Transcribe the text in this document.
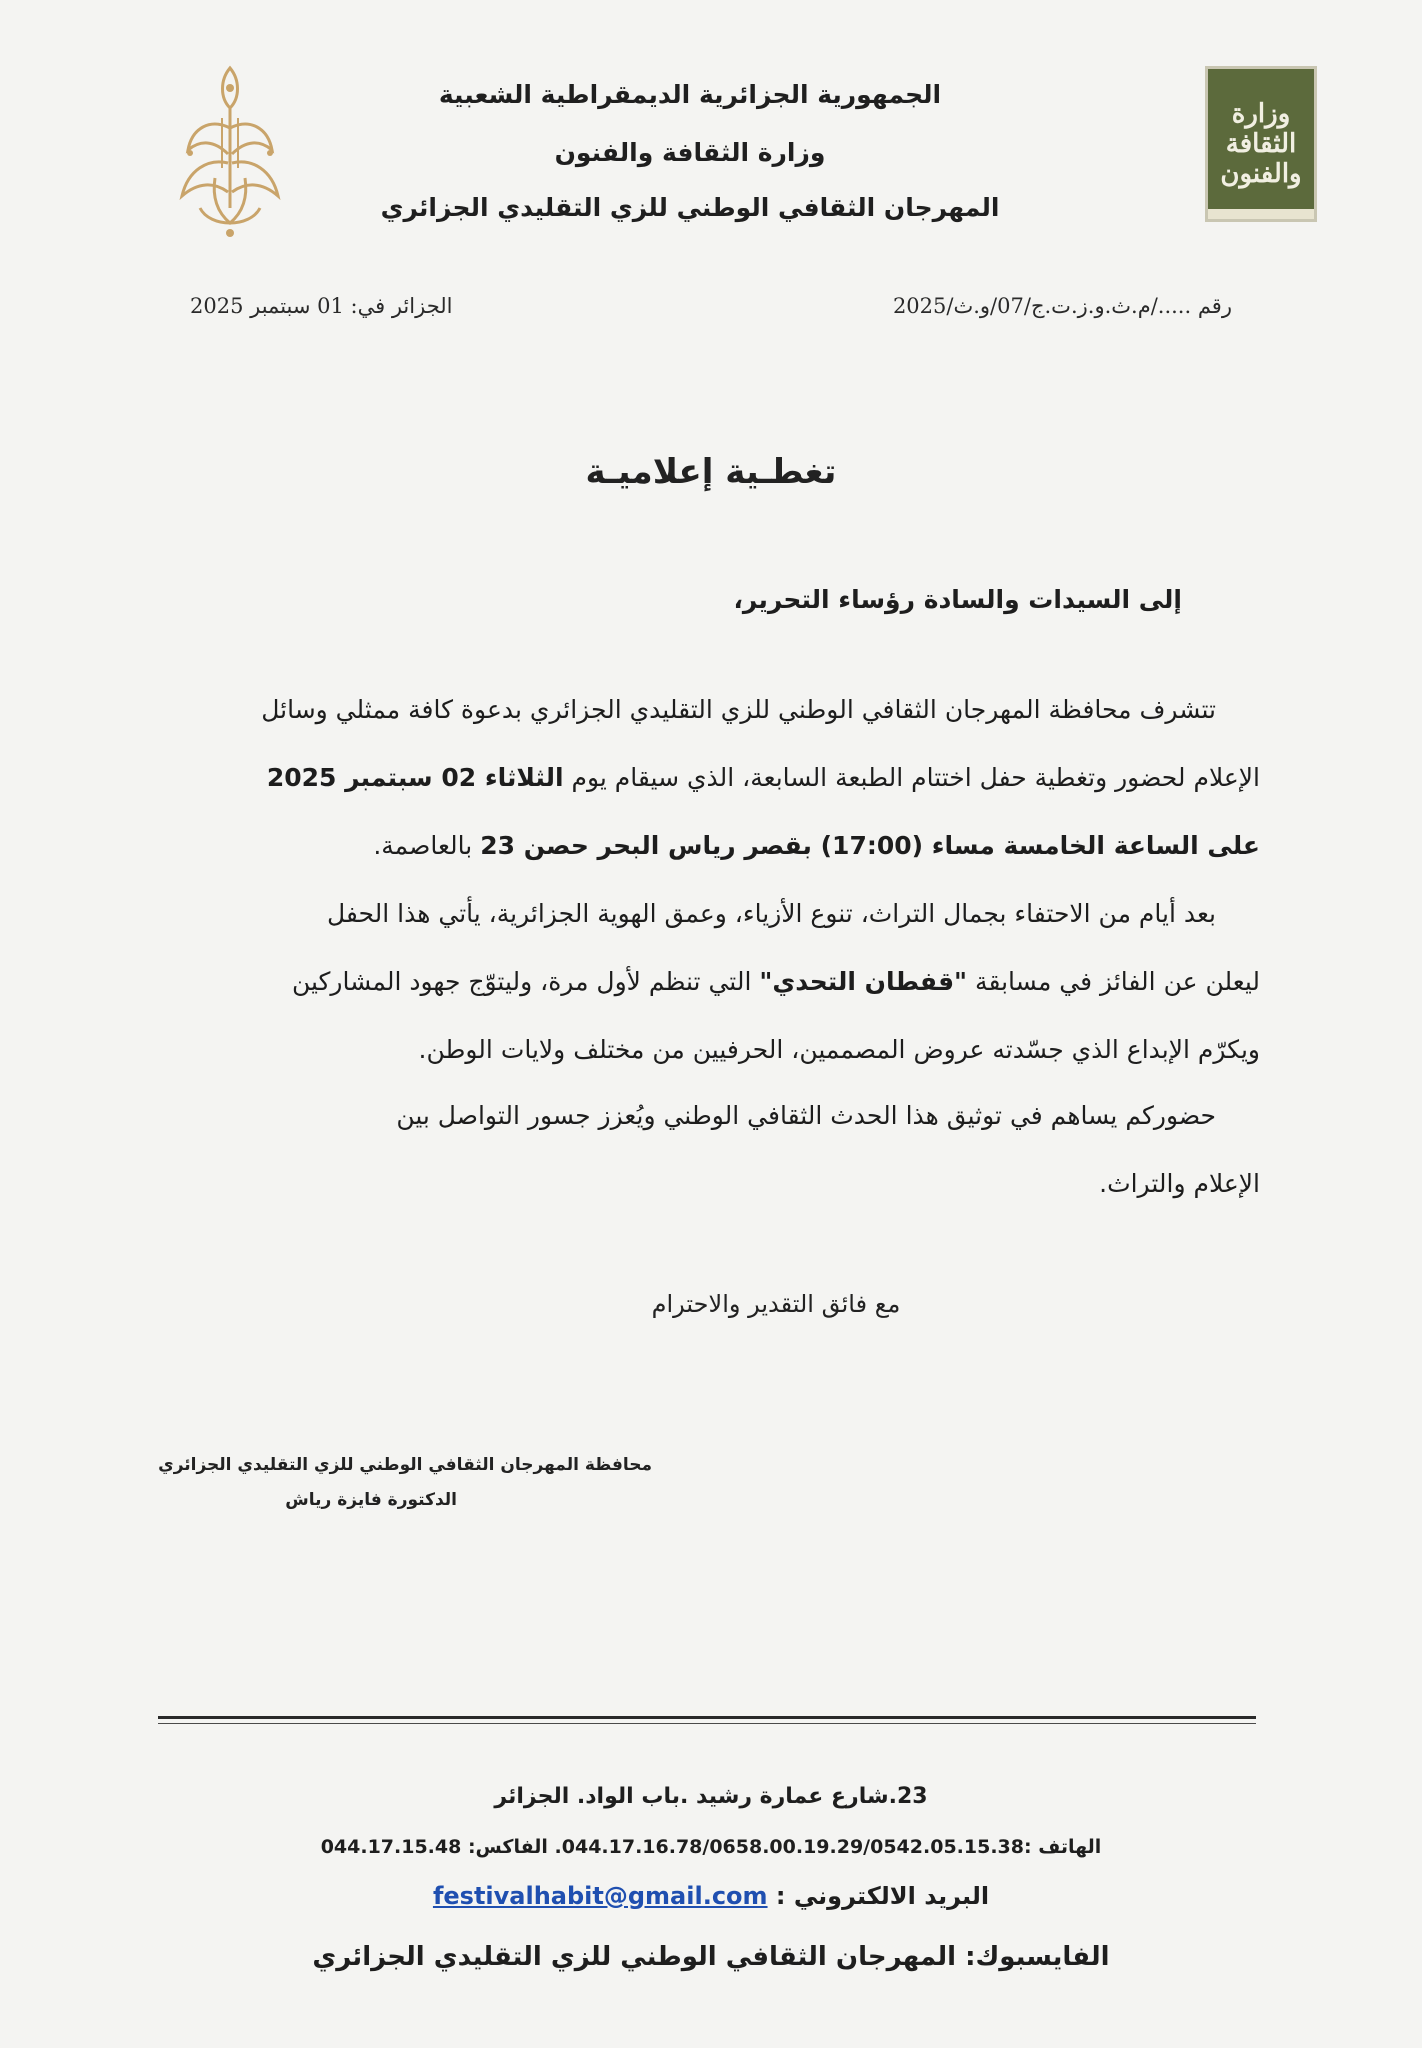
وزارة الثقافة والفنون
الجمهورية الجزائرية الديمقراطية الشعبية
وزارة الثقافة والفنون
المهرجان الثقافي الوطني للزي التقليدي الجزائري
رقم ...../م.ث.و.ز.ت.ج/07/و.ث/2025
الجزائر في: 01 سبتمبر 2025
تغطـية إعلاميـة
إلى السيدات والسادة رؤساء التحرير،
تتشرف محافظة المهرجان الثقافي الوطني للزي التقليدي الجزائري بدعوة كافة ممثلي وسائل
الإعلام لحضور وتغطية حفل اختتام الطبعة السابعة، الذي سيقام يوم الثلاثاء 02 سبتمبر 2025
على الساعة الخامسة مساء (17:00) بقصر رياس البحر حصن 23 بالعاصمة.
بعد أيام من الاحتفاء بجمال التراث، تنوع الأزياء، وعمق الهوية الجزائرية، يأتي هذا الحفل
ليعلن عن الفائز في مسابقة "قفطان التحدي" التي تنظم لأول مرة، وليتوّج جهود المشاركين
ويكرّم الإبداع الذي جسّدته عروض المصممين، الحرفيين من مختلف ولايات الوطن.
حضوركم يساهم في توثيق هذا الحدث الثقافي الوطني ويُعزز جسور التواصل بين
الإعلام والتراث.
مع فائق التقدير والاحترام
محافظة المهرجان الثقافي الوطني للزي التقليدي الجزائري
الدكتورة فايزة رياش
23.شارع عمارة رشيد .باب الواد. الجزائر
الهاتف :044.17.16.78/0658.00.19.29/0542.05.15.38. الفاكس: 044.17.15.48
البريد الالكتروني : festivalhabit@gmail.com
الفايسبوك: المهرجان الثقافي الوطني للزي التقليدي الجزائري
